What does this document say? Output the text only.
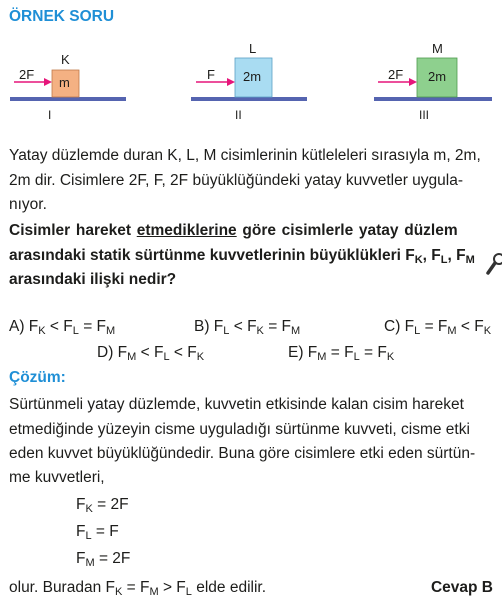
ÖRNEK SORU
K
m
2F
I
L
2m
F
II
M
2m
2F
III
Yatay düzlemde duran K, L, M cisimlerinin kütleleleri sırasıyla m, 2m,
2m dir. Cisimlere 2F, F, 2F büyüklüğündeki yatay kuvvetler uygula-
nıyor.
Cisimler hareket etmediklerine göre cisimlerle yatay düzlem
arasındaki statik sürtünme kuvvetlerinin büyüklükleri $F_K$, $F_L$, $F_M$
arasındaki ilişki nedir?
A) $F_K < F_L = F_M$	B) $F_L < F_K = F_M$	C) $F_L = F_M < F_K$
D) $F_M < F_L < F_K$	E) $F_M = F_L = F_K$
Çözüm:
Sürtünmeli yatay düzlemde, kuvvetin etkisinde kalan cisim hareket
etmediğinde yüzeyin cisme uyguladığı sürtünme kuvveti, cisme etki
eden kuvvet büyüklüğündedir. Buna göre cisimlere etki eden sürtün-
me kuvvetleri,
$F_K = 2F$
$F_L = F$
$F_M = 2F$
olur. Buradan $F_K = F_M > F_L$ elde edilir.	Cevap B
